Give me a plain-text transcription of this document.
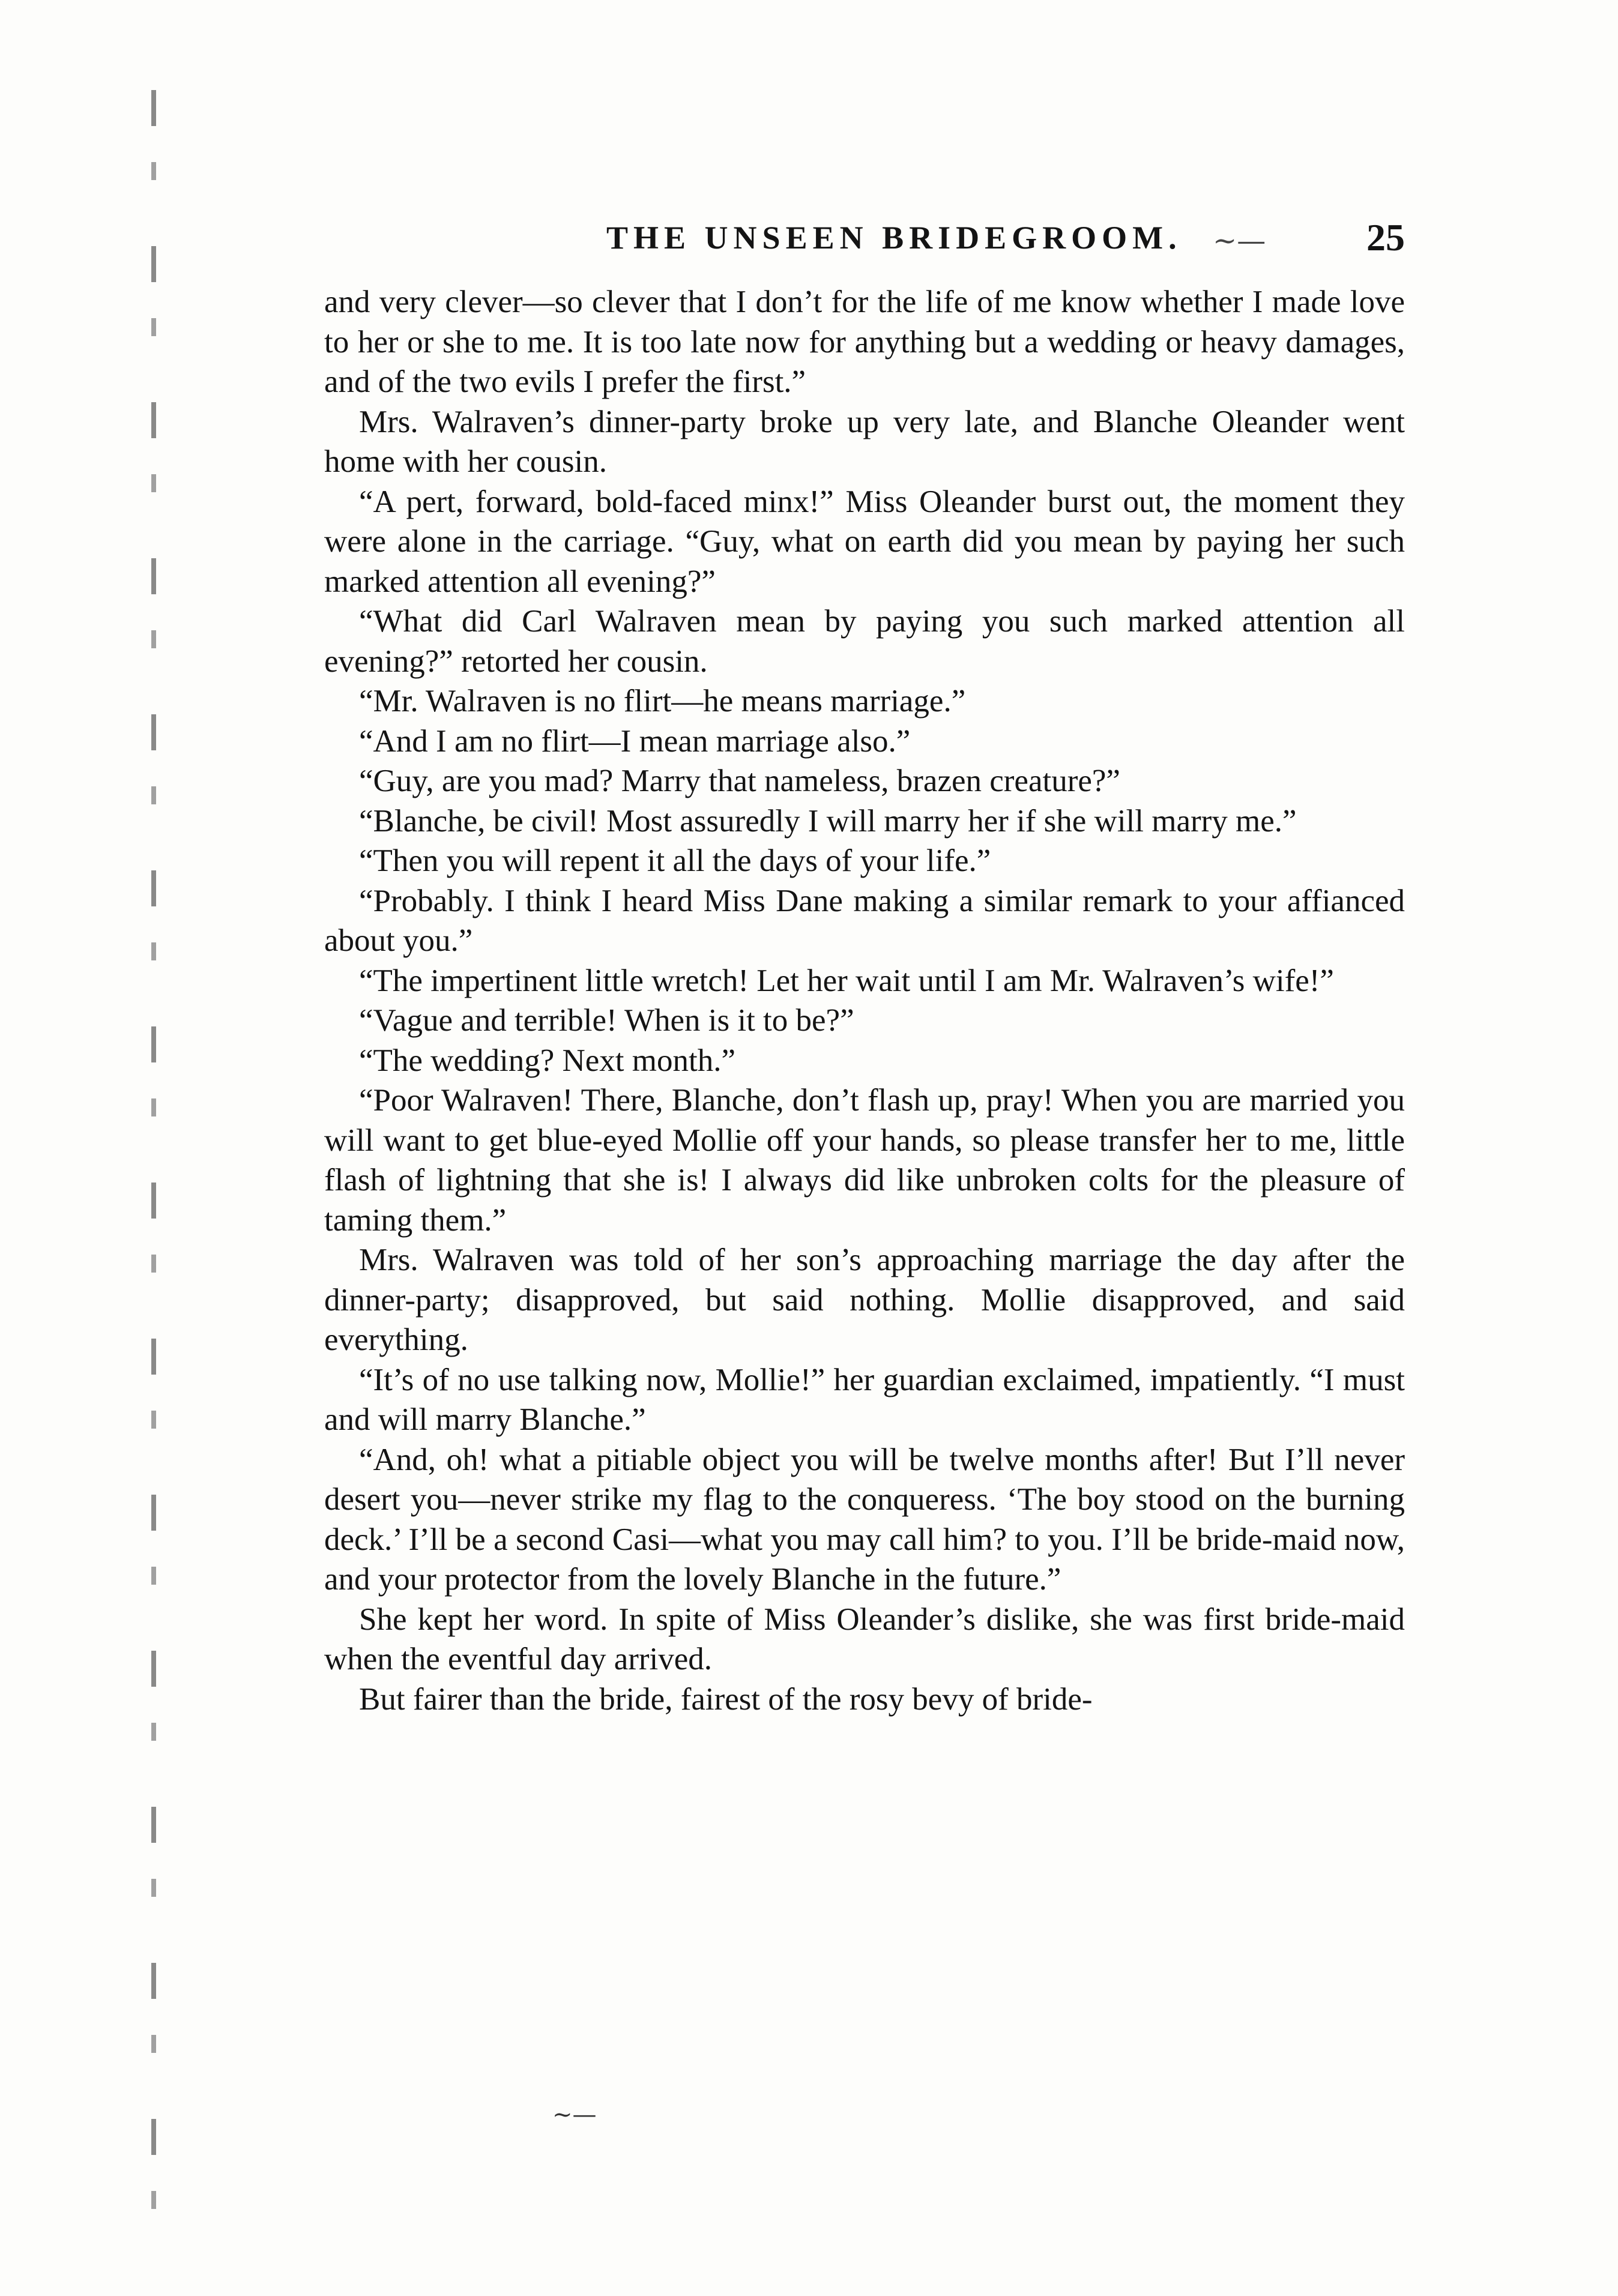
THE UNSEEN BRIDEGROOM. ~—	25

and very clever—so clever that I don’t for the life of me know whether I made love to her or she to me. It is too late now for anything but a wedding or heavy damages, and of the two evils I prefer the first.”

Mrs. Walraven’s dinner-party broke up very late, and Blanche Oleander went home with her cousin.

“A pert, forward, bold-faced minx!” Miss Oleander burst out, the moment they were alone in the carriage. “Guy, what on earth did you mean by paying her such marked attention all evening?”

“What did Carl Walraven mean by paying you such marked attention all evening?” retorted her cousin.

“Mr. Walraven is no flirt—he means marriage.”

“And I am no flirt—I mean marriage also.”

“Guy, are you mad? Marry that nameless, brazen creature?”

“Blanche, be civil! Most assuredly I will marry her if she will marry me.”

“Then you will repent it all the days of your life.”

“Probably. I think I heard Miss Dane making a similar remark to your affianced about you.”

“The impertinent little wretch! Let her wait until I am Mr. Walraven’s wife!”

“Vague and terrible! When is it to be?”

“The wedding? Next month.”

“Poor Walraven! There, Blanche, don’t flash up, pray! When you are married you will want to get blue-eyed Mollie off your hands, so please transfer her to me, little flash of lightning that she is! I always did like unbroken colts for the pleasure of taming them.”

Mrs. Walraven was told of her son’s approaching marriage the day after the dinner-party; disapproved, but said nothing. Mollie disapproved, and said everything.

“It’s of no use talking now, Mollie!” her guardian exclaimed, impatiently. “I must and will marry Blanche.”

“And, oh! what a pitiable object you will be twelve months after! But I’ll never desert you—never strike my flag to the conqueress. ‘The boy stood on the burning deck.’ I’ll be a second Casi—what you may call him? to you. I’ll be bride-maid now, and your protector from the lovely Blanche in the future.”

She kept her word. In spite of Miss Oleander’s dislike, she was first bride-maid when the eventful day arrived.

But fairer than the bride, fairest of the rosy bevy of bride-

~—
